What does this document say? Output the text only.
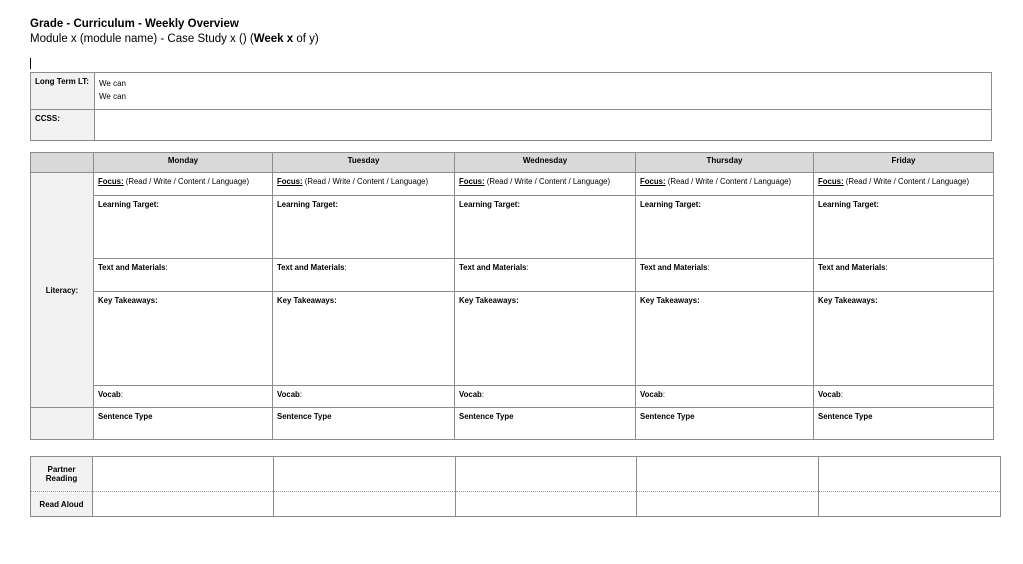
Grade - Curriculum - Weekly Overview
Module x (module name) - Case Study x () (Week x of y)
Long Term LT:	We can
We can

CCSS:	
	Monday	Tuesday	Wednesday	Thursday	Friday
Literacy:	Focus: (Read / Write / Content / Language)	Focus: (Read / Write / Content / Language)	Focus: (Read / Write / Content / Language)	Focus: (Read / Write / Content / Language)	Focus: (Read / Write / Content / Language)
	Learning Target:	Learning Target:	Learning Target:	Learning Target:	Learning Target:
	Text and Materials:	Text and Materials:	Text and Materials:	Text and Materials:	Text and Materials:
	Key Takeaways:	Key Takeaways:	Key Takeaways:	Key Takeaways:	Key Takeaways:
	Vocab:	Vocab:	Vocab:	Vocab:	Vocab:
	Sentence Type	Sentence Type	Sentence Type	Sentence Type	Sentence Type
Partner Reading					
Read Aloud					
